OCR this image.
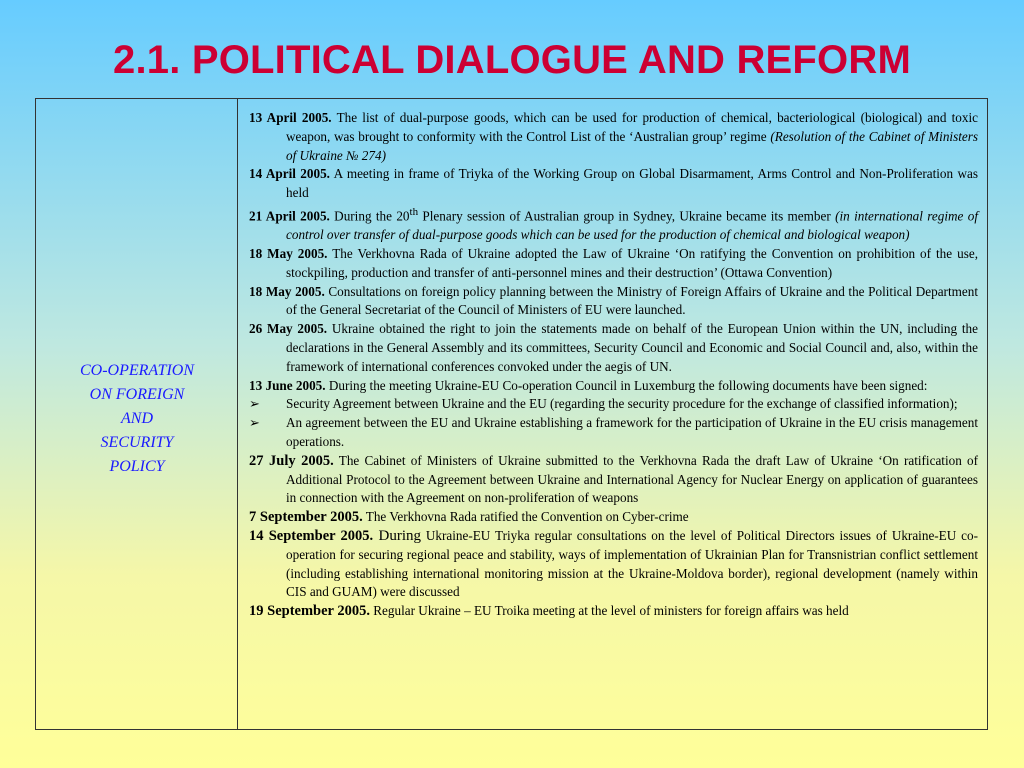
2.1. POLITICAL DIALOGUE AND REFORM
CO-OPERATION
ON FOREIGN
AND
SECURITY
POLICY
13 April 2005. The list of dual-purpose goods, which can be used for production of chemical, bacteriological (biological) and toxic weapon, was brought to conformity with the Control List of the ‘Australian group’ regime (Resolution of the Cabinet of Ministers of Ukraine № 274)
14 April 2005. A meeting in frame of Triyka of the Working Group on Global Disarmament, Arms Control and Non-Proliferation was held
21 April 2005. During the 20th Plenary session of Australian group in Sydney, Ukraine became its member (in international regime of control over transfer of dual-purpose goods which can be used for the production of chemical and biological weapon)
18 May 2005. The Verkhovna Rada of Ukraine adopted the Law of Ukraine ‘On ratifying the Convention on prohibition of the use, stockpiling, production and transfer of anti-personnel mines and their destruction’ (Ottawa Convention)
18 May 2005. Consultations on foreign policy planning between the Ministry of Foreign Affairs of Ukraine and the Political Department of the General Secretariat of the Council of Ministers of EU were launched.
26 May 2005. Ukraine obtained the right to join the statements made on behalf of the European Union within the UN, including the declarations in the General Assembly and its committees, Security Council and Economic and Social Council and, also, within the framework of international conferences convoked under the aegis of UN.
13 June 2005. During the meeting Ukraine-EU Co-operation Council in Luxemburg the following documents have been signed:
➢	Security Agreement between Ukraine and the EU (regarding the security procedure for the exchange of classified information);
➢	An agreement between the EU and Ukraine establishing a framework for the participation of Ukraine in the EU crisis management operations.
27 July 2005. The Cabinet of Ministers of Ukraine submitted to the Verkhovna Rada the draft Law of Ukraine ‘On ratification of Additional Protocol to the Agreement between Ukraine and International Agency for Nuclear Energy on application of guarantees in connection with the Agreement on non-proliferation of weapons
7 September 2005. The Verkhovna Rada ratified the Convention on Cyber-crime
14 September 2005. During Ukraine-EU Triyka regular consultations on the level of Political Directors issues of Ukraine-EU co-operation for securing regional peace and stability, ways of implementation of Ukrainian Plan for Transnistrian conflict settlement (including establishing international monitoring mission at the Ukraine-Moldova border), regional development (namely within CIS and GUAM) were discussed
19 September 2005. Regular Ukraine – EU Troika meeting at the level of ministers for foreign affairs was held
